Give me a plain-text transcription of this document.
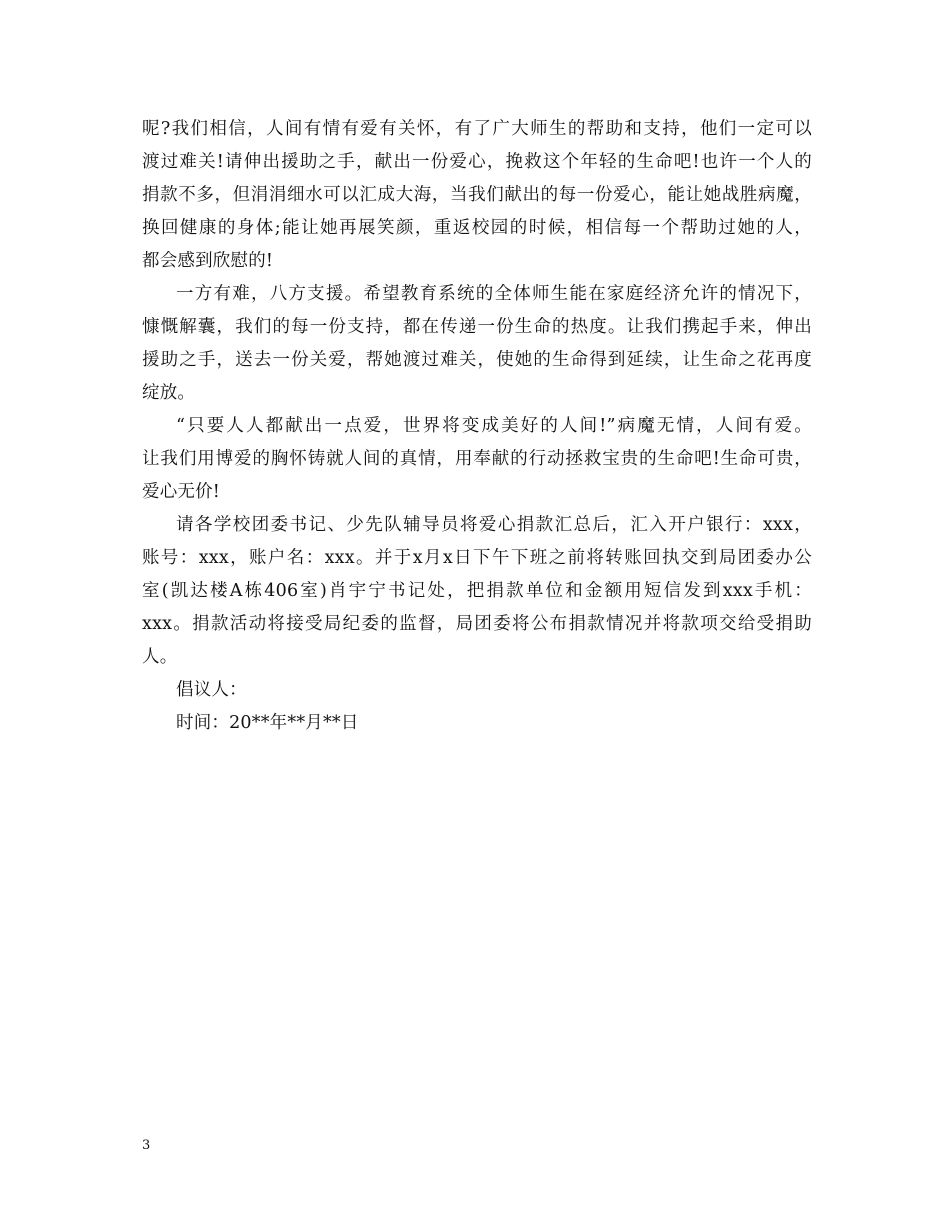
呢?我们相信，人间有情有爱有关怀，有了广大师生的帮助和支持，他们一定可以
渡过难关!请伸出援助之手，献出一份爱心，挽救这个年轻的生命吧!也许一个人的
捐款不多，但涓涓细水可以汇成大海，当我们献出的每一份爱心，能让她战胜病魔，
换回健康的身体;能让她再展笑颜，重返校园的时候，相信每一个帮助过她的人，
都会感到欣慰的!
一方有难，八方支援。希望教育系统的全体师生能在家庭经济允许的情况下，
慷慨解囊，我们的每一份支持，都在传递一份生命的热度。让我们携起手来，伸出
援助之手，送去一份关爱，帮她渡过难关，使她的生命得到延续，让生命之花再度
绽放。
“只要人人都献出一点爱，世界将变成美好的人间!”病魔无情，人间有爱。
让我们用博爱的胸怀铸就人间的真情，用奉献的行动拯救宝贵的生命吧!生命可贵，
爱心无价!
请各学校团委书记、少先队辅导员将爱心捐款汇总后，汇入开户银行：xxx，
账号：xxx，账户名：xxx。并于x月x日下午下班之前将转账回执交到局团委办公
室(凯达楼A栋406室)肖宇宁书记处，把捐款单位和金额用短信发到xxx手机：
xxx。捐款活动将接受局纪委的监督，局团委将公布捐款情况并将款项交给受捐助
人。
倡议人：
时间：20**年**月**日
3
